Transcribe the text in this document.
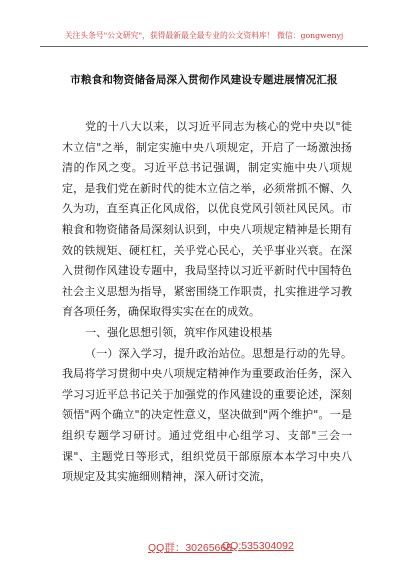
关注头条号"公文研究"，获得最新最全最专业的公文资料库！ 微信：gongwenyj
市粮食和物资储备局深入贯彻作风建设专题进展情况汇报

党的十八大以来，以习近平同志为核心的党中央以"徙木立信"之举，制定实施中央八项规定，开启了一场激浊扬清的作风之变。习近平总书记强调，制定实施中央八项规定，是我们党在新时代的徙木立信之举，必须常抓不懈、久久为功，直至真正化风成俗，以优良党风引领社风民风。市粮食和物资储备局深刻认识到，中央八项规定精神是长期有效的铁规矩、硬杠杠，关乎党心民心，关乎事业兴衰。在深入贯彻作风建设专题中，我局坚持以习近平新时代中国特色社会主义思想为指导，紧密围绕工作职责，扎实推进学习教育各项任务，确保取得实实在在的成效。

一、强化思想引领，筑牢作风建设根基

（一）深入学习，提升政治站位。思想是行动的先导。我局将学习贯彻中央八项规定精神作为重要政治任务，深入学习习近平总书记关于加强党的作风建设的重要论述，深刻领悟"两个确立"的决定性意义，坚决做到"两个维护"。一是组织专题学习研讨。通过党组中心组学习、支部"三会一课"、主题党日等形式，组织党员干部原原本本学习中央八项规定及其实施细则精神，深入研讨交流，

QQ群：30265665
QQ:535304092
